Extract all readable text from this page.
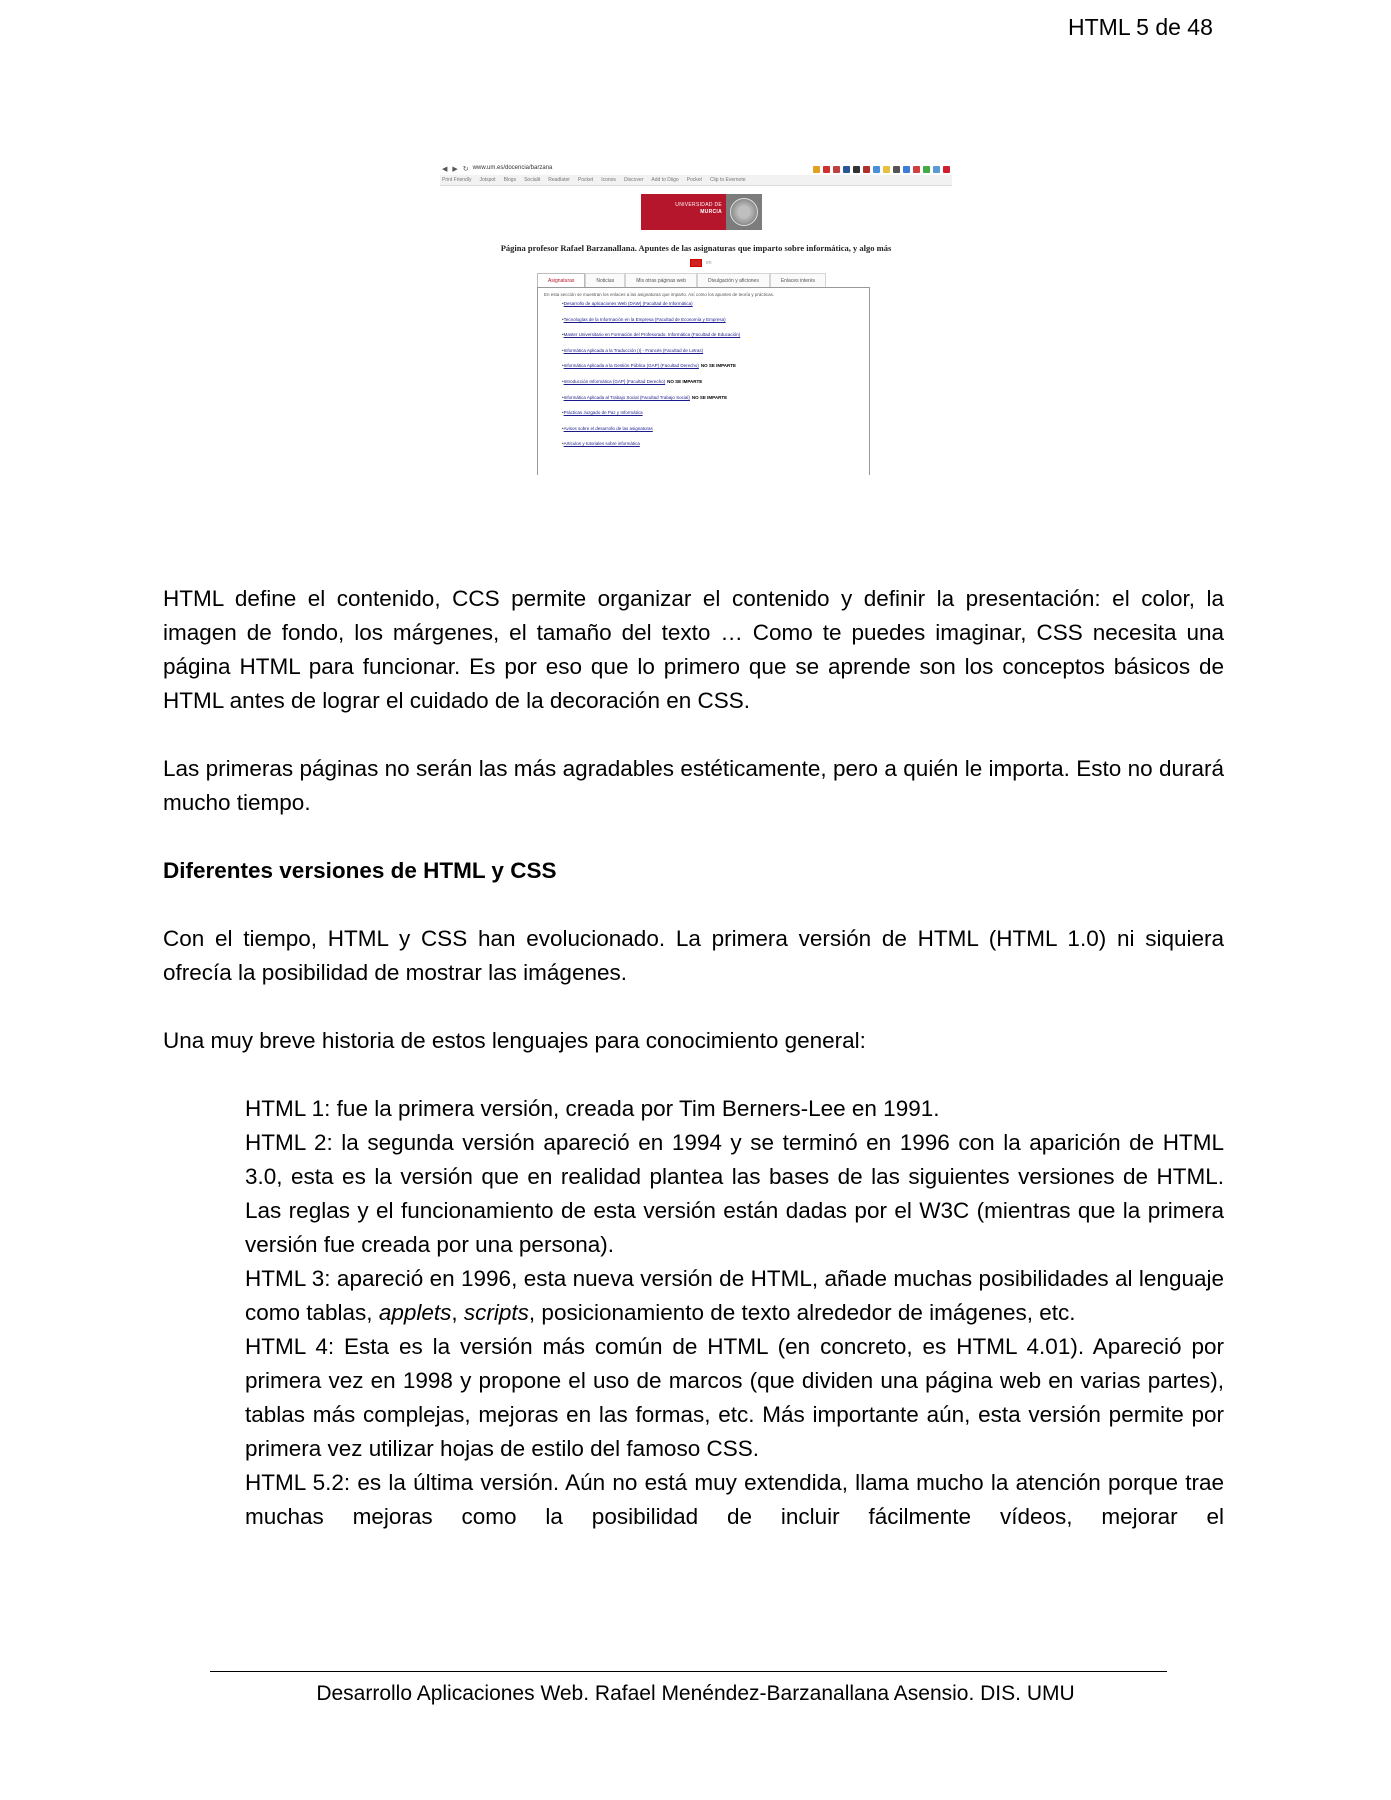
HTML 5 de 48
◀ ▶ ↻ www.um.es/docencia/barzana
Print Friendly Jotspot Blogs Socialit Readlater Pocket Iconos Discover Add to Diigo Pocket Clip to Evernote
UNIVERSIDAD DE
MURCIA
Página profesor Rafael Barzanallana. Apuntes de las asignaturas que imparto sobre informática, y algo más
en
Asignaturas	Noticias	Mis otras páginas web	Divulgación y aficiones	Enlaces interés
En esta sección se muestran los enlaces a las asignaturas que imparto. Así como los apuntes de teoría y prácticas.
• Desarrollo de aplicaciones Web (DAW) (Facultad de Informática)
• Tecnologías de la Información en la Empresa (Facultad de Economía y Empresa)
• Master Universitario en Formación del Profesorado. Informática (Facultad de Educación)
• Informática Aplicada a la Traducción (I) - Francés (Facultad de Letras)
• Informática Aplicada a la Gestión Pública (GAP) (Facultad Derecho) NO SE IMPARTE
• Introducción Informática (GAP) (Facultad Derecho) NO SE IMPARTE
• Informática Aplicada al Trabajo Social (Facultad Trabajo Social) NO SE IMPARTE
• Prácticas Juzgado de Paz y Informática
• Avisos sobre el desarrollo de las asignaturas
• Artículos y tutoriales sobre informática

HTML define el contenido, CCS permite organizar el contenido y definir la presentación: el color, la imagen de fondo, los márgenes, el tamaño del texto … Como te puedes imaginar, CSS necesita una página HTML para funcionar. Es por eso que lo primero que se aprende son los conceptos básicos de HTML antes de lograr el cuidado de la decoración en CSS.

Las primeras páginas no serán las más agradables estéticamente, pero a quién le importa. Esto no durará mucho tiempo.

Diferentes versiones de HTML y CSS

Con el tiempo, HTML y CSS han evolucionado. La primera versión de HTML (HTML 1.0) ni siquiera ofrecía la posibilidad de mostrar las imágenes.

Una muy breve historia de estos lenguajes para conocimiento general:

HTML 1: fue la primera versión, creada por Tim Berners-Lee en 1991.

HTML 2: la segunda versión apareció en 1994 y se terminó en 1996 con la aparición de HTML 3.0, esta es la versión que en realidad plantea las bases de las siguientes versiones de HTML. Las reglas y el funcionamiento de esta versión están dadas por el W3C (mientras que la primera versión fue creada por una persona).

HTML 3: apareció en 1996, esta nueva versión de HTML, añade muchas posibilidades al lenguaje como tablas, applets, scripts, posicionamiento de texto alrededor de imágenes, etc.

HTML 4: Esta es la versión más común de HTML (en concreto, es HTML 4.01). Apareció por primera vez en 1998 y propone el uso de marcos (que dividen una página web en varias partes), tablas más complejas, mejoras en las formas, etc. Más importante aún, esta versión permite por primera vez utilizar hojas de estilo del famoso CSS.

HTML 5.2: es la última versión. Aún no está muy extendida, llama mucho la atención porque trae muchas mejoras como la posibilidad de incluir fácilmente vídeos, mejorar el

Desarrollo Aplicaciones Web. Rafael Menéndez-Barzanallana Asensio. DIS. UMU
